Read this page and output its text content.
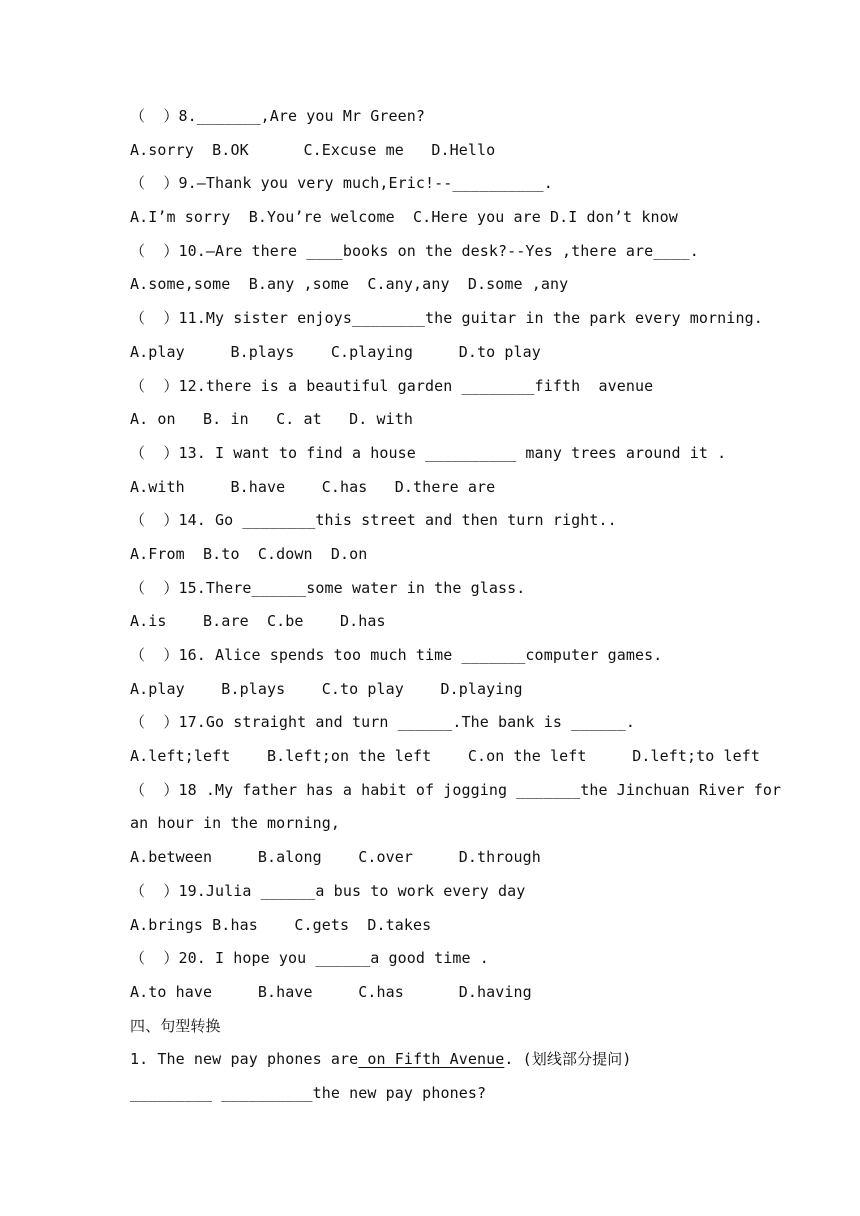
（  ）8._______,Are you Mr Green?
A.sorry  B.OK      C.Excuse me   D.Hello
（  ）9.—Thank you very much,Eric!--__________.
A.I’m sorry  B.You’re welcome  C.Here you are D.I don’t know
（  ）10.—Are there ____books on the desk?--Yes ,there are____.
A.some,some  B.any ,some  C.any,any  D.some ,any
（  ）11.My sister enjoys________the guitar in the park every morning.
A.play     B.plays    C.playing     D.to play
（  ）12.there is a beautiful garden ________fifth  avenue
A. on   B. in   C. at   D. with
（  ）13. I want to find a house __________ many trees around it .
A.with     B.have    C.has   D.there are
（  ）14. Go ________this street and then turn right..
A.From  B.to  C.down  D.on
（  ）15.There______some water in the glass.
A.is    B.are  C.be    D.has
（  ）16. Alice spends too much time _______computer games.
A.play    B.plays    C.to play    D.playing
（  ）17.Go straight and turn ______.The bank is ______.
A.left;left    B.left;on the left    C.on the left     D.left;to left
（  ）18 .My father has a habit of jogging _______the Jinchuan River for
an hour in the morning,
A.between     B.along    C.over     D.through
（  ）19.Julia ______a bus to work every day
A.brings B.has    C.gets  D.takes
（  ）20. I hope you ______a good time .
A.to have     B.have     C.has      D.having
四、句型转换
1. The new pay phones are on Fifth Avenue. (划线部分提问)
_________ __________the new pay phones?
